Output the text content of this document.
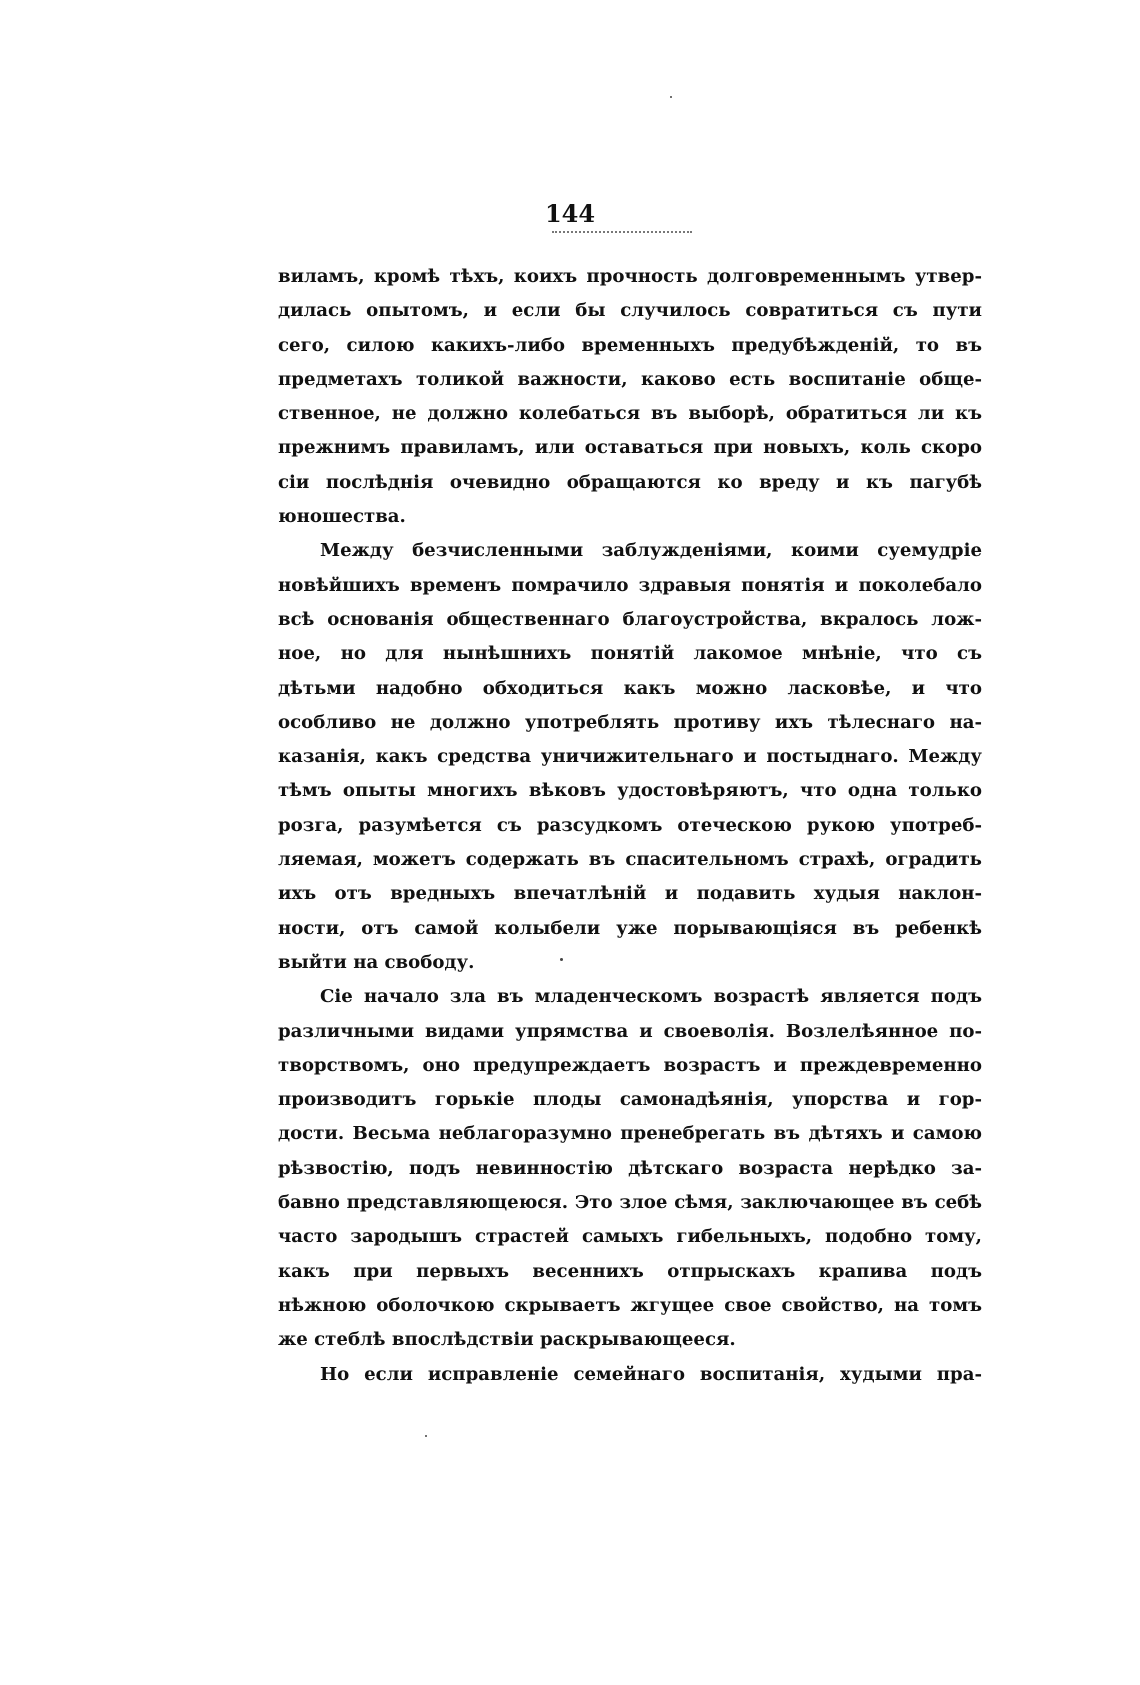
144
виламъ, кромѣ тѣхъ, коихъ прочность долговременнымъ утвер-
дилась опытомъ, и если бы случилось совратиться съ пути
сего, силою какихъ-либо временныхъ предубѣжденій, то въ
предметахъ толикой важности, каково есть воспитаніе обще-
ственное, не должно колебаться въ выборѣ, обратиться ли къ
прежнимъ правиламъ, или оставаться при новыхъ, коль скоро
сіи послѣднія очевидно обращаются ко вреду и къ пагубѣ
юношества.
Между безчисленными заблужденіями, коими суемудріе
новѣйшихъ временъ помрачило здравыя понятія и поколебало
всѣ основанія общественнаго благоустройства, вкралось лож-
ное, но для нынѣшнихъ понятій лакомое мнѣніе, что съ
дѣтьми надобно обходиться какъ можно ласковѣе, и что
особливо не должно употреблять противу ихъ тѣлеснаго на-
казанія, какъ средства уничижительнаго и постыднаго. Между
тѣмъ опыты многихъ вѣковъ удостовѣряютъ, что одна только
розга, разумѣется съ разсудкомъ отеческою рукою употреб-
ляемая, можетъ содержать въ спасительномъ страхѣ, оградить
ихъ отъ вредныхъ впечатлѣній и подавить худыя наклон-
ности, отъ самой колыбели уже порывающіяся въ ребенкѣ
выйти на свободу.
Сіе начало зла въ младенческомъ возрастѣ является подъ
различными видами упрямства и своеволія. Возлелѣянное по-
творствомъ, оно предупреждаетъ возрастъ и преждевременно
производитъ горькіе плоды самонадѣянія, упорства и гор-
дости. Весьма неблагоразумно пренебрегать въ дѣтяхъ и самою
рѣзвостію, подъ невинностію дѣтскаго возраста нерѣдко за-
бавно представляющеюся. Это злое сѣмя, заключающее въ себѣ
часто зародышъ страстей самыхъ гибельныхъ, подобно тому,
какъ при первыхъ весеннихъ отпрыскахъ крапива подъ
нѣжною оболочкою скрываетъ жгущее свое свойство, на томъ
же стеблѣ впослѣдствіи раскрывающееся.
Но если исправленіе семейнаго воспитанія, худыми пра-
